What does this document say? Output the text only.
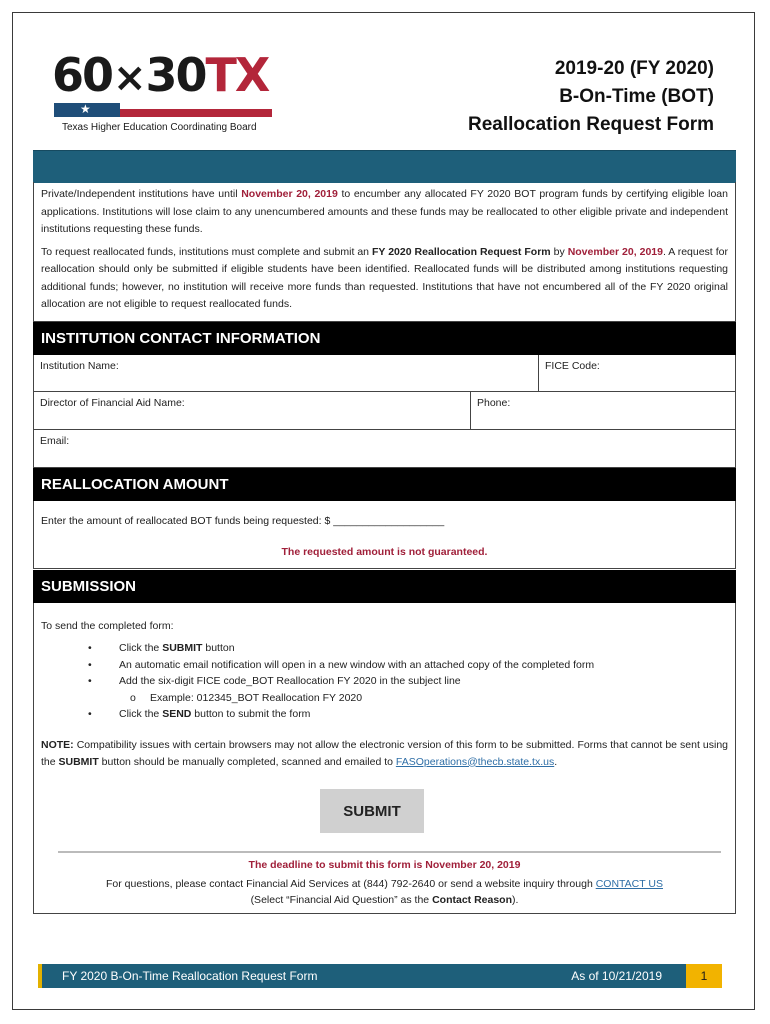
60×30TX
★
Texas Higher Education Coordinating Board
2019-20 (FY 2020)
B-On-Time (BOT)
Reallocation Request Form

Private/Independent institutions have until November 20, 2019 to encumber any allocated FY 2020 BOT program funds by certifying eligible loan applications. Institutions will lose claim to any unencumbered amounts and these funds may be reallocated to other eligible private and independent institutions requesting these funds.

To request reallocated funds, institutions must complete and submit an FY 2020 Reallocation Request Form by November 20, 2019. A request for reallocation should only be submitted if eligible students have been identified. Reallocated funds will be distributed among institutions requesting additional funds; however, no institution will receive more funds than requested. Institutions that have not encumbered all of the FY 2020 original allocation are not eligible to request reallocated funds.

INSTITUTION CONTACT INFORMATION
Institution Name:	FICE Code:
Director of Financial Aid Name:	Phone:
Email:
REALLOCATION AMOUNT
Enter the amount of reallocated BOT funds being requested: $ ___________________
The requested amount is not guaranteed.
SUBMISSION
To send the completed form:
•	Click the SUBMIT button
•	An automatic email notification will open in a new window with an attached copy of the completed form
•	Add the six-digit FICE code_BOT Reallocation FY 2020 in the subject line
o Example: 012345_BOT Reallocation FY 2020
•	Click the SEND button to submit the form
NOTE: Compatibility issues with certain browsers may not allow the electronic version of this form to be submitted. Forms that cannot be sent using the SUBMIT button should be manually completed, scanned and emailed to FASOperations@thecb.state.tx.us.
SUBMIT
The deadline to submit this form is November 20, 2019
For questions, please contact Financial Aid Services at (844) 792-2640 or send a website inquiry through CONTACT US
(Select “Financial Aid Question” as the Contact Reason).
FY 2020 B-On-Time Reallocation Request Form	As of 10/21/2019	1
